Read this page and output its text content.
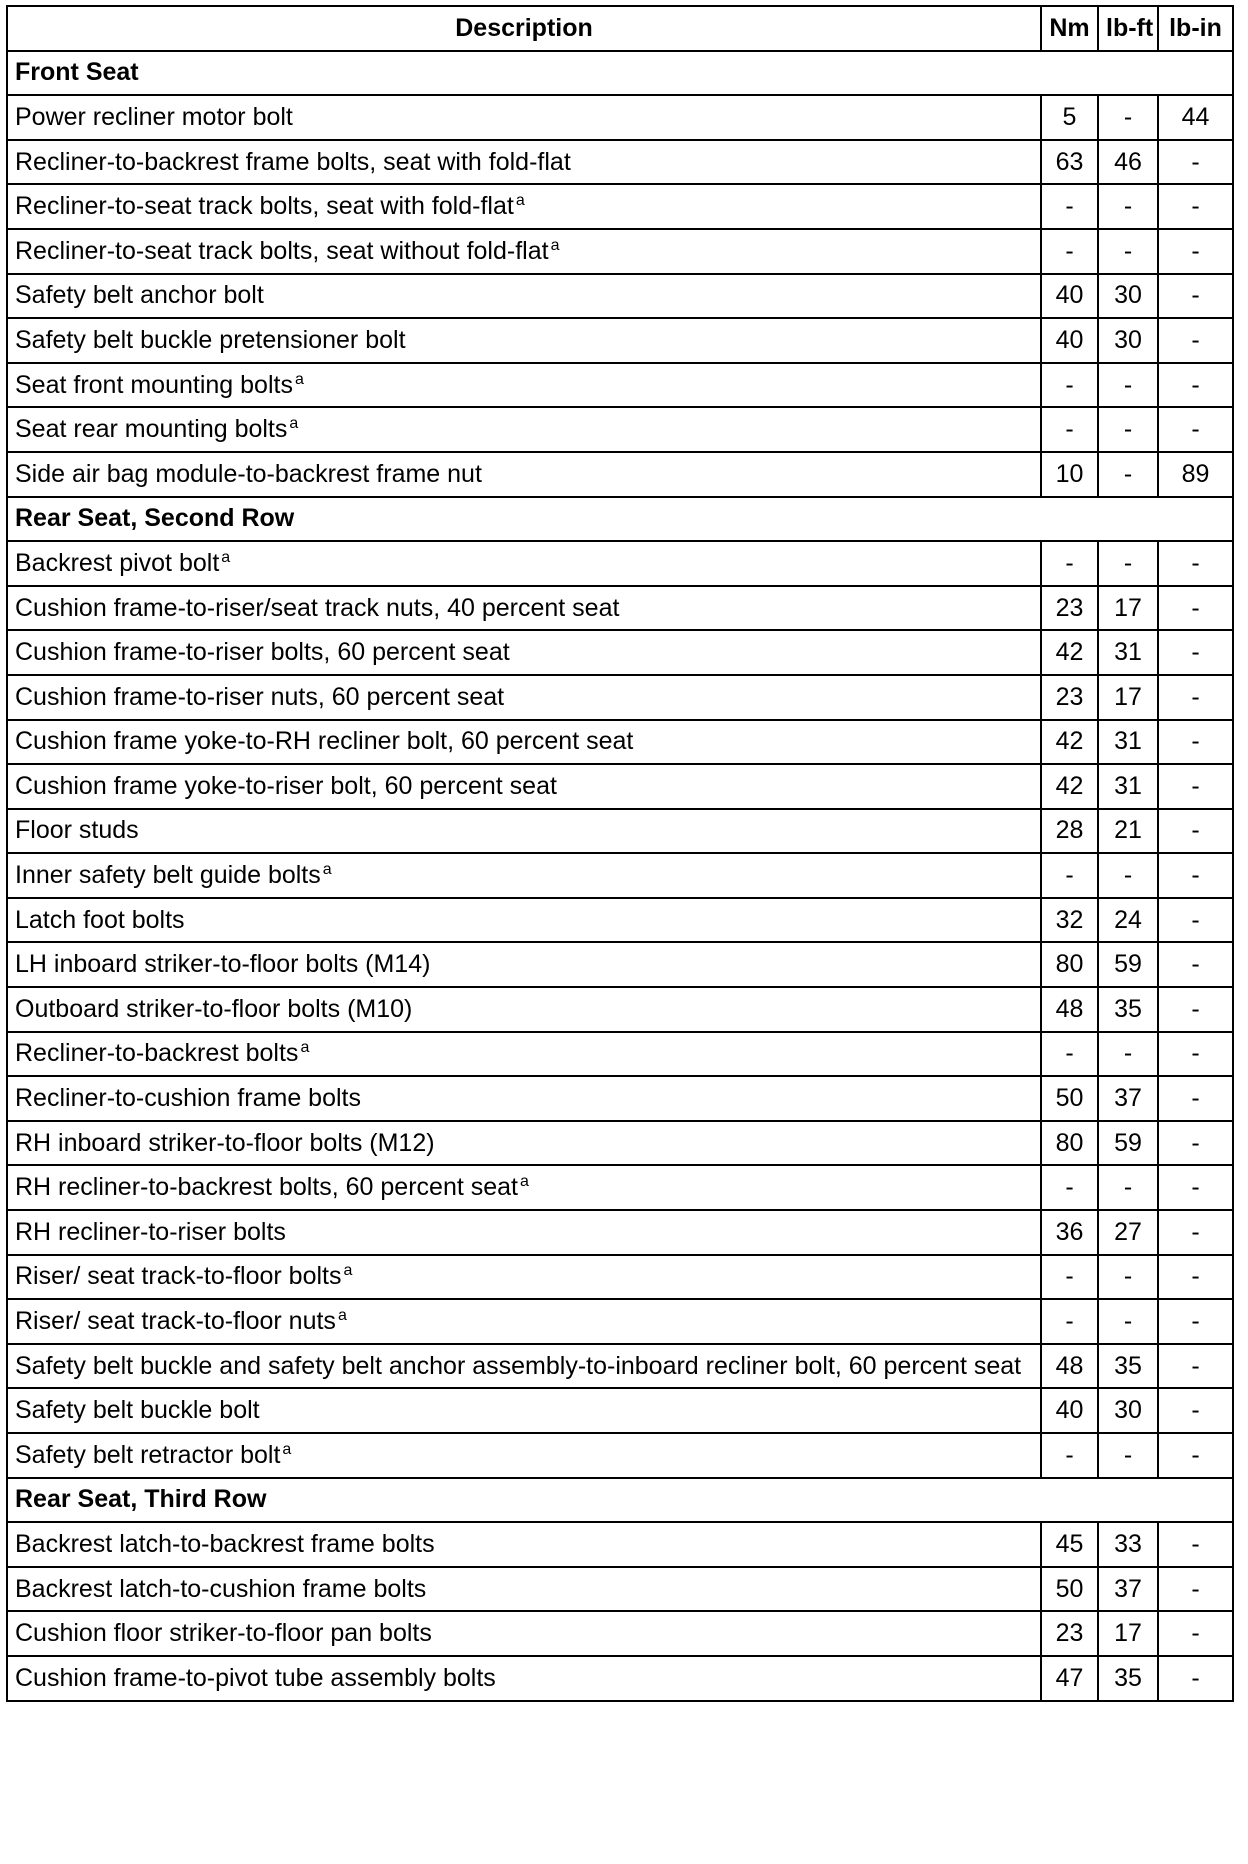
Description	Nm	lb-ft	lb-in
Front Seat			
Power recliner motor bolt	5	-	44
Recliner-to-backrest frame bolts, seat with fold-flat	63	46	-
Recliner-to-seat track bolts, seat with fold-flat $^a$	-	-	-
Recliner-to-seat track bolts, seat without fold-flat $^a$	-	-	-
Safety belt anchor bolt	40	30	-
Safety belt buckle pretensioner bolt	40	30	-
Seat front mounting bolts $^a$	-	-	-
Seat rear mounting bolts $^a$	-	-	-
Side air bag module-to-backrest frame nut	10	-	89
Rear Seat, Second Row			
Backrest pivot bolt $^a$	-	-	-
Cushion frame-to-riser/seat track nuts, 40 percent seat	23	17	-
Cushion frame-to-riser bolts, 60 percent seat	42	31	-
Cushion frame-to-riser nuts, 60 percent seat	23	17	-
Cushion frame yoke-to-RH recliner bolt, 60 percent seat	42	31	-
Cushion frame yoke-to-riser bolt, 60 percent seat	42	31	-
Floor studs	28	21	-
Inner safety belt guide bolts $^a$	-	-	-
Latch foot bolts	32	24	-
LH inboard striker-to-floor bolts (M14)	80	59	-
Outboard striker-to-floor bolts (M10)	48	35	-
Recliner-to-backrest bolts $^a$	-	-	-
Recliner-to-cushion frame bolts	50	37	-
RH inboard striker-to-floor bolts (M12)	80	59	-
RH recliner-to-backrest bolts, 60 percent seat $^a$	-	-	-
RH recliner-to-riser bolts	36	27	-
Riser/ seat track-to-floor bolts $^a$	-	-	-
Riser/ seat track-to-floor nuts $^a$	-	-	-
Safety belt buckle and safety belt anchor assembly-to-inboard recliner bolt, 60 percent seat	48	35	-
Safety belt buckle bolt	40	30	-
Safety belt retractor bolt $^a$	-	-	-
Rear Seat, Third Row			
Backrest latch-to-backrest frame bolts	45	33	-
Backrest latch-to-cushion frame bolts	50	37	-
Cushion floor striker-to-floor pan bolts	23	17	-
Cushion frame-to-pivot tube assembly bolts	47	35	-
